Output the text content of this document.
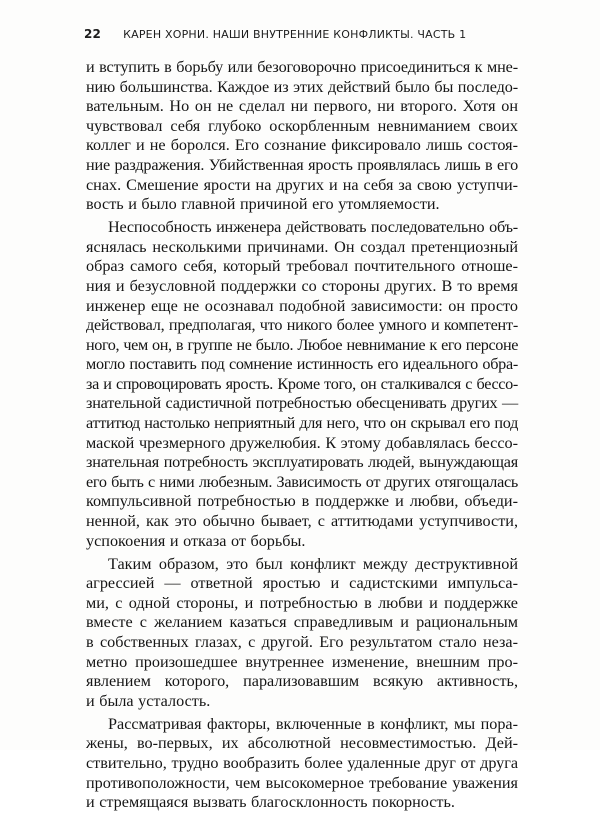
22 КАРЕН ХОРНИ. НАШИ ВНУТРЕННИЕ КОНФЛИКТЫ. ЧАСТЬ 1

и вступить в борьбу или безоговорочно присоединиться к мне-
нию большинства. Каждое из этих действий было бы последо-
вательным. Но он не сделал ни первого, ни второго. Хотя он
чувствовал себя глубоко оскорбленным невниманием своих
коллег и не боролся. Его сознание фиксировало лишь состоя-
ние раздражения. Убийственная ярость проявлялась лишь в его
снах. Смешение ярости на других и на себя за свою уступчи-
вость и было главной причиной его утомляемости.

Неспособность инженера действовать последовательно объ-
яснялась несколькими причинами. Он создал претенциозный
образ самого себя, который требовал почтительного отноше-
ния и безусловной поддержки со стороны других. В то время
инженер еще не осознавал подобной зависимости: он просто
действовал, предполагая, что никого более умного и компетент-
ного, чем он, в группе не было. Любое невнимание к его персоне
могло поставить под сомнение истинность его идеального обра-
за и спровоцировать ярость. Кроме того, он сталкивался с бессо-
знательной садистичной потребностью обесценивать других —
аттитюд настолько неприятный для него, что он скрывал его под
маской чрезмерного дружелюбия. К этому добавлялась бессо-
знательная потребность эксплуатировать людей, вынуждающая
его быть с ними любезным. Зависимость от других отягощалась
компульсивной потребностью в поддержке и любви, объеди-
ненной, как это обычно бывает, с аттитюдами уступчивости,
успокоения и отказа от борьбы.

Таким образом, это был конфликт между деструктивной
агрессией — ответной яростью и садистскими импульса-
ми, с одной стороны, и потребностью в любви и поддержке
вместе с желанием казаться справедливым и рациональным
в собственных глазах, с другой. Его результатом стало неза-
метно произошедшее внутреннее изменение, внешним про-
явлением которого, парализовавшим всякую активность,
и была усталость.

Рассматривая факторы, включенные в конфликт, мы пора-
жены, во-первых, их абсолютной несовместимостью. Дей-
ствительно, трудно вообразить более удаленные друг от друга
противоположности, чем высокомерное требование уважения
и стремящаяся вызвать благосклонность покорность.
